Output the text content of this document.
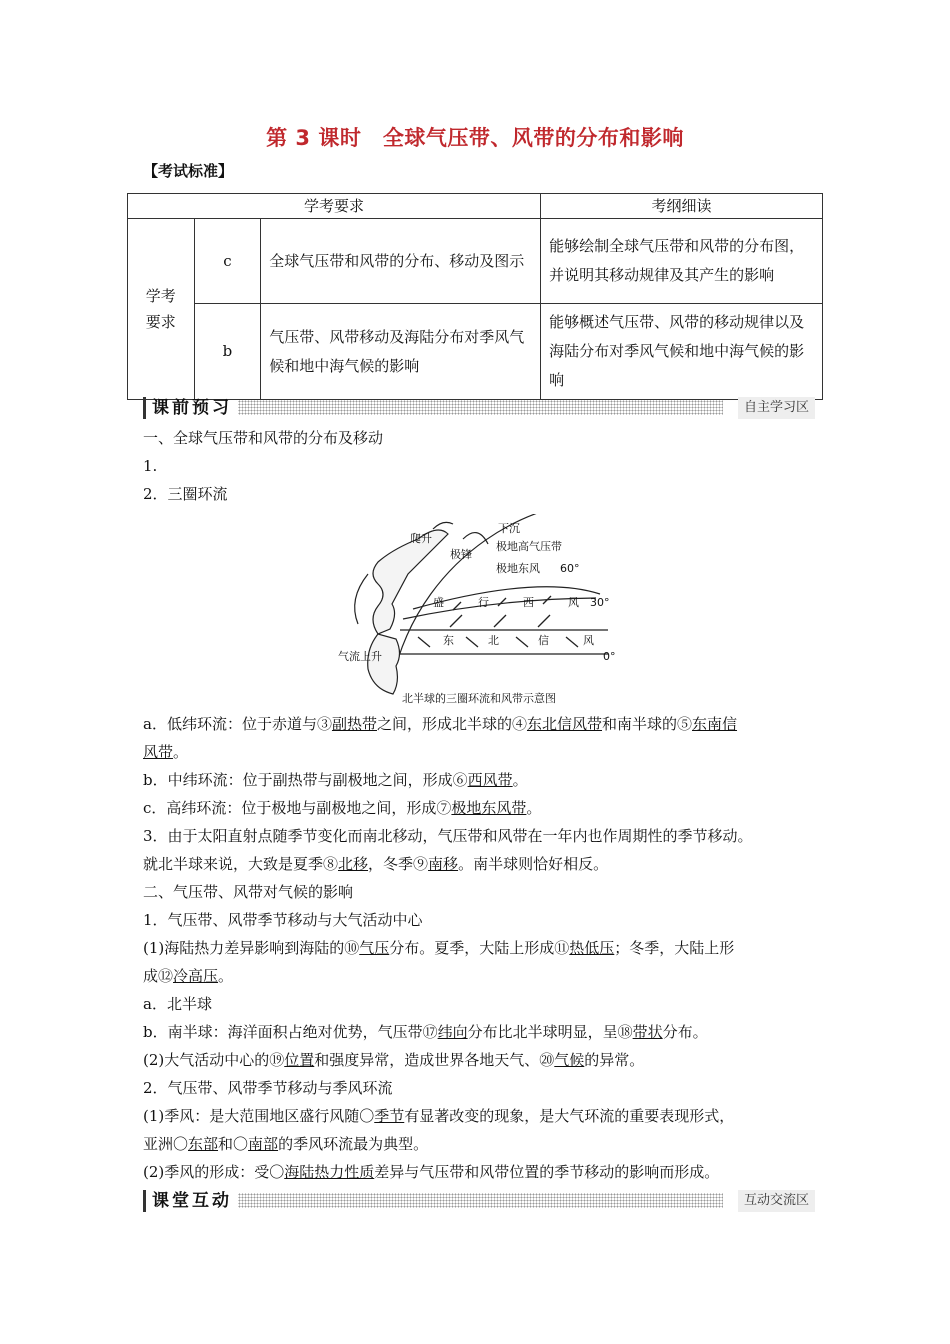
第 3 课时　全球气压带、风带的分布和影响
【考试标准】
学考要求			考纲细读
学考
要求	c	全球气压带和风带的分布、移动及图示	能够绘制全球气压带和风带的分布图，并说明其移动规律及其产生的影响
	b	气压带、风带移动及海陆分布对季风气候和地中海气候的影响	能够概述气压带、风带的移动规律以及海陆分布对季风气候和地中海气候的影响
课前预习	自主学习区
一、全球气压带和风带的分布及移动
1.
2．三圈环流
爬升
下沉
极地高气压带
极锋
极地东风 60°
盛	行	西	风 30°
东	北	信	风
气流上升	0°
北半球的三圈环流和风带示意图
a．低纬环流：位于赤道与③副热带之间，形成北半球的④东北信风带和南半球的⑤东南信
风带。
b．中纬环流：位于副热带与副极地之间，形成⑥西风带。
c．高纬环流：位于极地与副极地之间，形成⑦极地东风带。
3．由于太阳直射点随季节变化而南北移动，气压带和风带在一年内也作周期性的季节移动。
就北半球来说，大致是夏季⑧北移，冬季⑨南移。南半球则恰好相反。
二、气压带、风带对气候的影响
1．气压带、风带季节移动与大气活动中心
(1)海陆热力差异影响到海陆的⑩气压分布。夏季，大陆上形成⑪热低压；冬季，大陆上形
成⑫冷高压。
a．北半球
b．南半球：海洋面积占绝对优势，气压带⑰纬向分布比北半球明显，呈⑱带状分布。
(2)大气活动中心的⑲位置和强度异常，造成世界各地天气、⑳气候的异常。
2．气压带、风带季节移动与季风环流
(1)季风：是大范围地区盛行风随〇季节有显著改变的现象，是大气环流的重要表现形式，
亚洲〇东部和〇南部的季风环流最为典型。
(2)季风的形成：受〇海陆热力性质差异与气压带和风带位置的季节移动的影响而形成。
课堂互动	互动交流区
